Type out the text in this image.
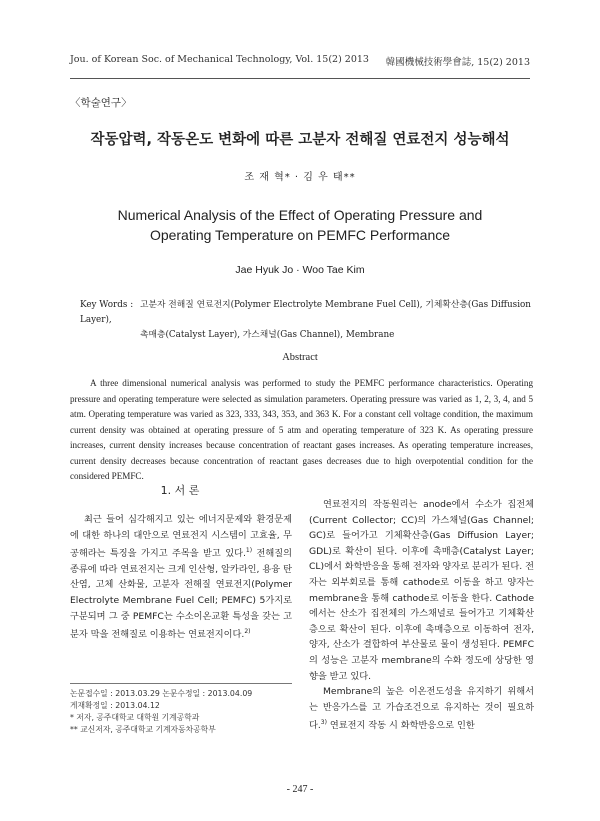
Jou. of Korean Soc. of Mechanical Technology, Vol. 15(2) 2013 韓國機械技術學會誌, 15(2) 2013
〈학술연구〉
작동압력, 작동온도 변화에 따른 고분자 전해질 연료전지 성능해석
조 재 혁* · 김 우 태**
Numerical Analysis of the Effect of Operating Pressure and
Operating Temperature on PEMFC Performance
Jae Hyuk Jo · Woo Tae Kim
Key Words : 고분자 전해질 연료전지(Polymer Electrolyte Membrane Fuel Cell), 기체확산층(Gas Diffusion Layer),
촉매층(Catalyst Layer), 가스채널(Gas Channel), Membrane
Abstract
A three dimensional numerical analysis was performed to study the PEMFC performance characteristics. Operating pressure and operating temperature were selected as simulation parameters. Operating pressure was varied as 1, 2, 3, 4, and 5 atm. Operating temperature was varied as 323, 333, 343, 353, and 363 K. For a constant cell voltage condition, the maximum current density was obtained at operating pressure of 5 atm and operating temperature of 323 K. As operating pressure increases, current density increases because concentration of reactant gases increases. As operating temperature increases, current density decreases because concentration of reactant gases decreases due to high overpotential condition for the considered PEMFC.
1. 서 론
최근 들어 심각해지고 있는 에너지문제와 환경문제에 대한 하나의 대안으로 연료전지 시스템이 고효율, 무공해라는 특징을 가지고 주목을 받고 있다.$^{1)}$ 전해질의 종류에 따라 연료전지는 크게 인산형, 알카라인, 용융 탄산염, 고체 산화물, 고분자 전해질 연료전지(Polymer Electrolyte Membrane Fuel Cell; PEMFC) 5가지로 구분되며 그 중 PEMFC는 수소이온교환 특성을 갖는 고분자 막을 전해질로 이용하는 연료전지이다.$^{2)}$

연료전지의 작동원리는 anode에서 수소가 집전체(Current Collector; CC)의 가스채널(Gas Channel; GC)로 들어가고 기체확산층(Gas Diffusion Layer; GDL)로 확산이 된다. 이후에 촉매층(Catalyst Layer; CL)에서 화학반응을 통해 전자와 양자로 분리가 된다. 전자는 외부회로를 통해 cathode로 이동을 하고 양자는 membrane을 통해 cathode로 이동을 한다. Cathode에서는 산소가 집전체의 가스채널로 들어가고 기체확산층으로 확산이 된다. 이후에 촉매층으로 이동하여 전자, 양자, 산소가 결합하여 부산물로 물이 생성된다. PEMFC의 성능은 고분자 membrane의 수화 정도에 상당한 영향을 받고 있다.

Membrane의 높은 이온전도성을 유지하기 위해서는 반응가스를 고 가습조건으로 유지하는 것이 필요하다.$^{3)}$ 연료전지 작동 시 화학반응으로 인한

논문접수일 : 2013.03.29 논문수정일 : 2013.04.09
게재확정일 : 2013.04.12
* 저자, 공주대학교 대학원 기계공학과
** 교신저자, 공주대학교 기계자동차공학부
- 247 -
